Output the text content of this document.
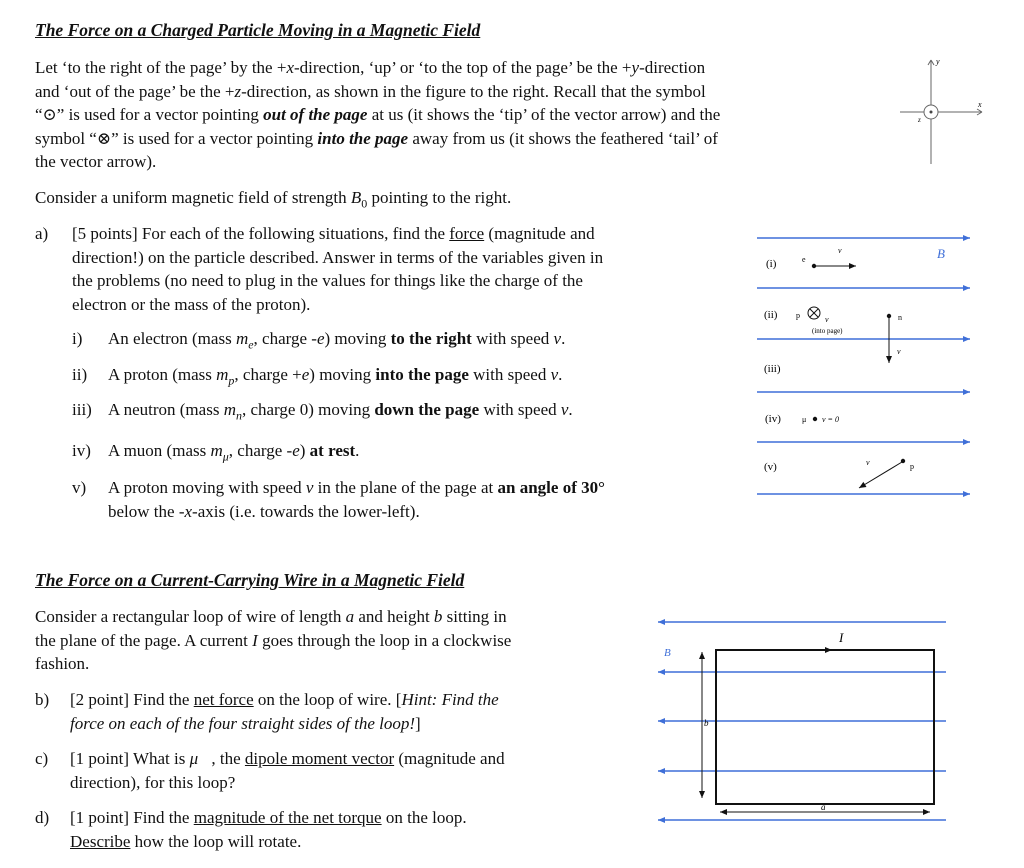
The Force on a Charged Particle Moving in a Magnetic Field
Let ‘to the right of the page’ by the +x-direction, ‘up’ or ‘to the top of the page’ be the +y-direction
and ‘out of the page’ be the +z-direction, as shown in the figure to the right. Recall that the symbol
“⊙” is used for a vector pointing out of the page at us (it shows the ‘tip’ of the vector arrow) and the
symbol “⊗” is used for a vector pointing into the page away from us (it shows the feathered ‘tail’ of
the vector arrow).
Consider a uniform magnetic field of strength $B_0$ pointing to the right.
a) [5 points] For each of the following situations, find the force (magnitude and
direction!) on the particle described. Answer in terms of the variables given in
the problems (no need to plug in the values for things like the charge of the
electron or the mass of the proton).
i) An electron (mass $m_e$, charge -e) moving to the right with speed v.
ii) A proton (mass $m_p$, charge +e) moving into the page with speed v.
iii) A neutron (mass $m_n$, charge 0) moving down the page with speed v.
iv) A muon (mass $m_\mu$, charge -e) at rest.
v) A proton moving with speed v in the plane of the page at an angle of 30°
below the -x-axis (i.e. towards the lower-left).
The Force on a Current-Carrying Wire in a Magnetic Field
Consider a rectangular loop of wire of length a and height b sitting in
the plane of the page. A current I goes through the loop in a clockwise
fashion.
b) [2 point] Find the net force on the loop of wire. [Hint: Find the
force on each of the four straight sides of the loop!]
c) [1 point] What is μ⃗, the dipole moment vector (magnitude and
direction), for this loop?
d) [1 point] Find the magnitude of the net torque on the loop.
Describe how the loop will rotate.
y
x
z
B⃗
(i)	e
v
(ii) p	v
(into page)
(iii)
n
v
(iv)	μ v = 0
(v)	p
v
B⃗
I
b
a
